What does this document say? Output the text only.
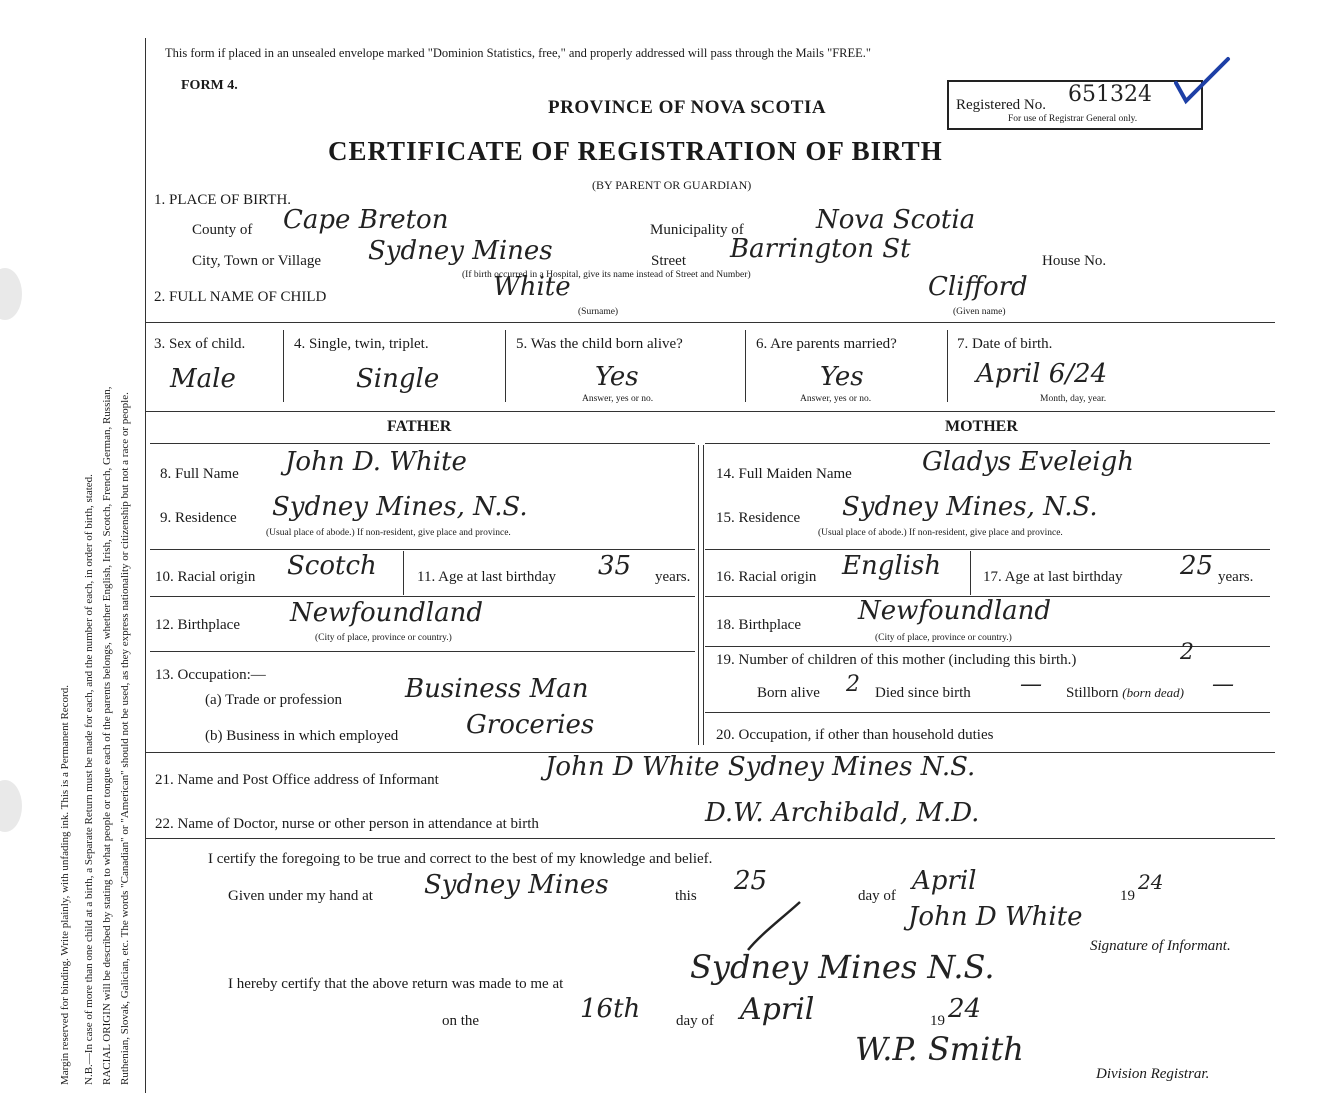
Margin reserved for binding. Write plainly, with unfading ink. This is a Permanent Record. N.B.—In case of more than one child at a birth, a Separate Return must be made for each, and the number of each, in order of birth, stated. RACIAL ORIGIN will be described by stating to what people or tongue each of the parents belongs, whether English, Irish, Scotch, French, German, Russian, Ruthenian, Slovak, Galician, etc. The words "Canadian" or "American" should not be used, as they express nationality or citizenship but not a race or people.
This form if placed in an unsealed envelope marked "Dominion Statistics, free," and properly addressed will pass through the Mails "FREE."
FORM 4.
PROVINCE OF NOVA SCOTIA
CERTIFICATE OF REGISTRATION OF BIRTH
(BY PARENT OR GUARDIAN)
Registered No. 651324
For use of Registrar General only.
1. PLACE OF BIRTH.
County of Cape Breton	Municipality of	Nova Scotia
City, Town or Village Sydney Mines	Street Barrington St
(If birth occurred in a Hospital, give its name instead of Street and Number)
House No.
2. FULL NAME OF CHILD	White
(Surname)
Clifford
(Given name)
3. Sex of child.
Male
4. Single, twin, triplet.
Single
5. Was the child born alive?
Yes
Answer, yes or no.
6. Are parents married?
Yes
Answer, yes or no.
7. Date of birth.
April 6/24
Month, day, year.
FATHER	MOTHER
8. Full Name John D. White
9. Residence Sydney Mines, N.S.
(Usual place of abode.) If non-resident, give place and province.
10. Racial origin Scotch	11. Age at last birthday 35 years.
12. Birthplace Newfoundland
(City of place, province or country.)
13. Occupation:—
(a) Trade or profession Business Man
(b) Business in which employed	Groceries
14. Full Maiden Name	Gladys Eveleigh
15. Residence Sydney Mines, N.S.
(Usual place of abode.) If non-resident, give place and province.
16. Racial origin English	17. Age at last birthday 25 years.
18. Birthplace Newfoundland
(City of place, province or country.)
19. Number of children of this mother (including this birth.)	2
Born alive 2 Died since birth — Stillborn (born dead) —
20. Occupation, if other than household duties
21. Name and Post Office address of Informant	John D White Sydney Mines N.S.
22. Name of Doctor, nurse or other person in attendance at birth	D.W. Archibald, M.D.
I certify the foregoing to be true and correct to the best of my knowledge and belief.
Given under my hand at Sydney Mines	this 25	day of April	19
24
John D White
Signature of Informant.
I hereby certify that the above return was made to me at	Sydney Mines N.S.
on the	16th day of April	19 24
W.P. Smith
Division Registrar.
